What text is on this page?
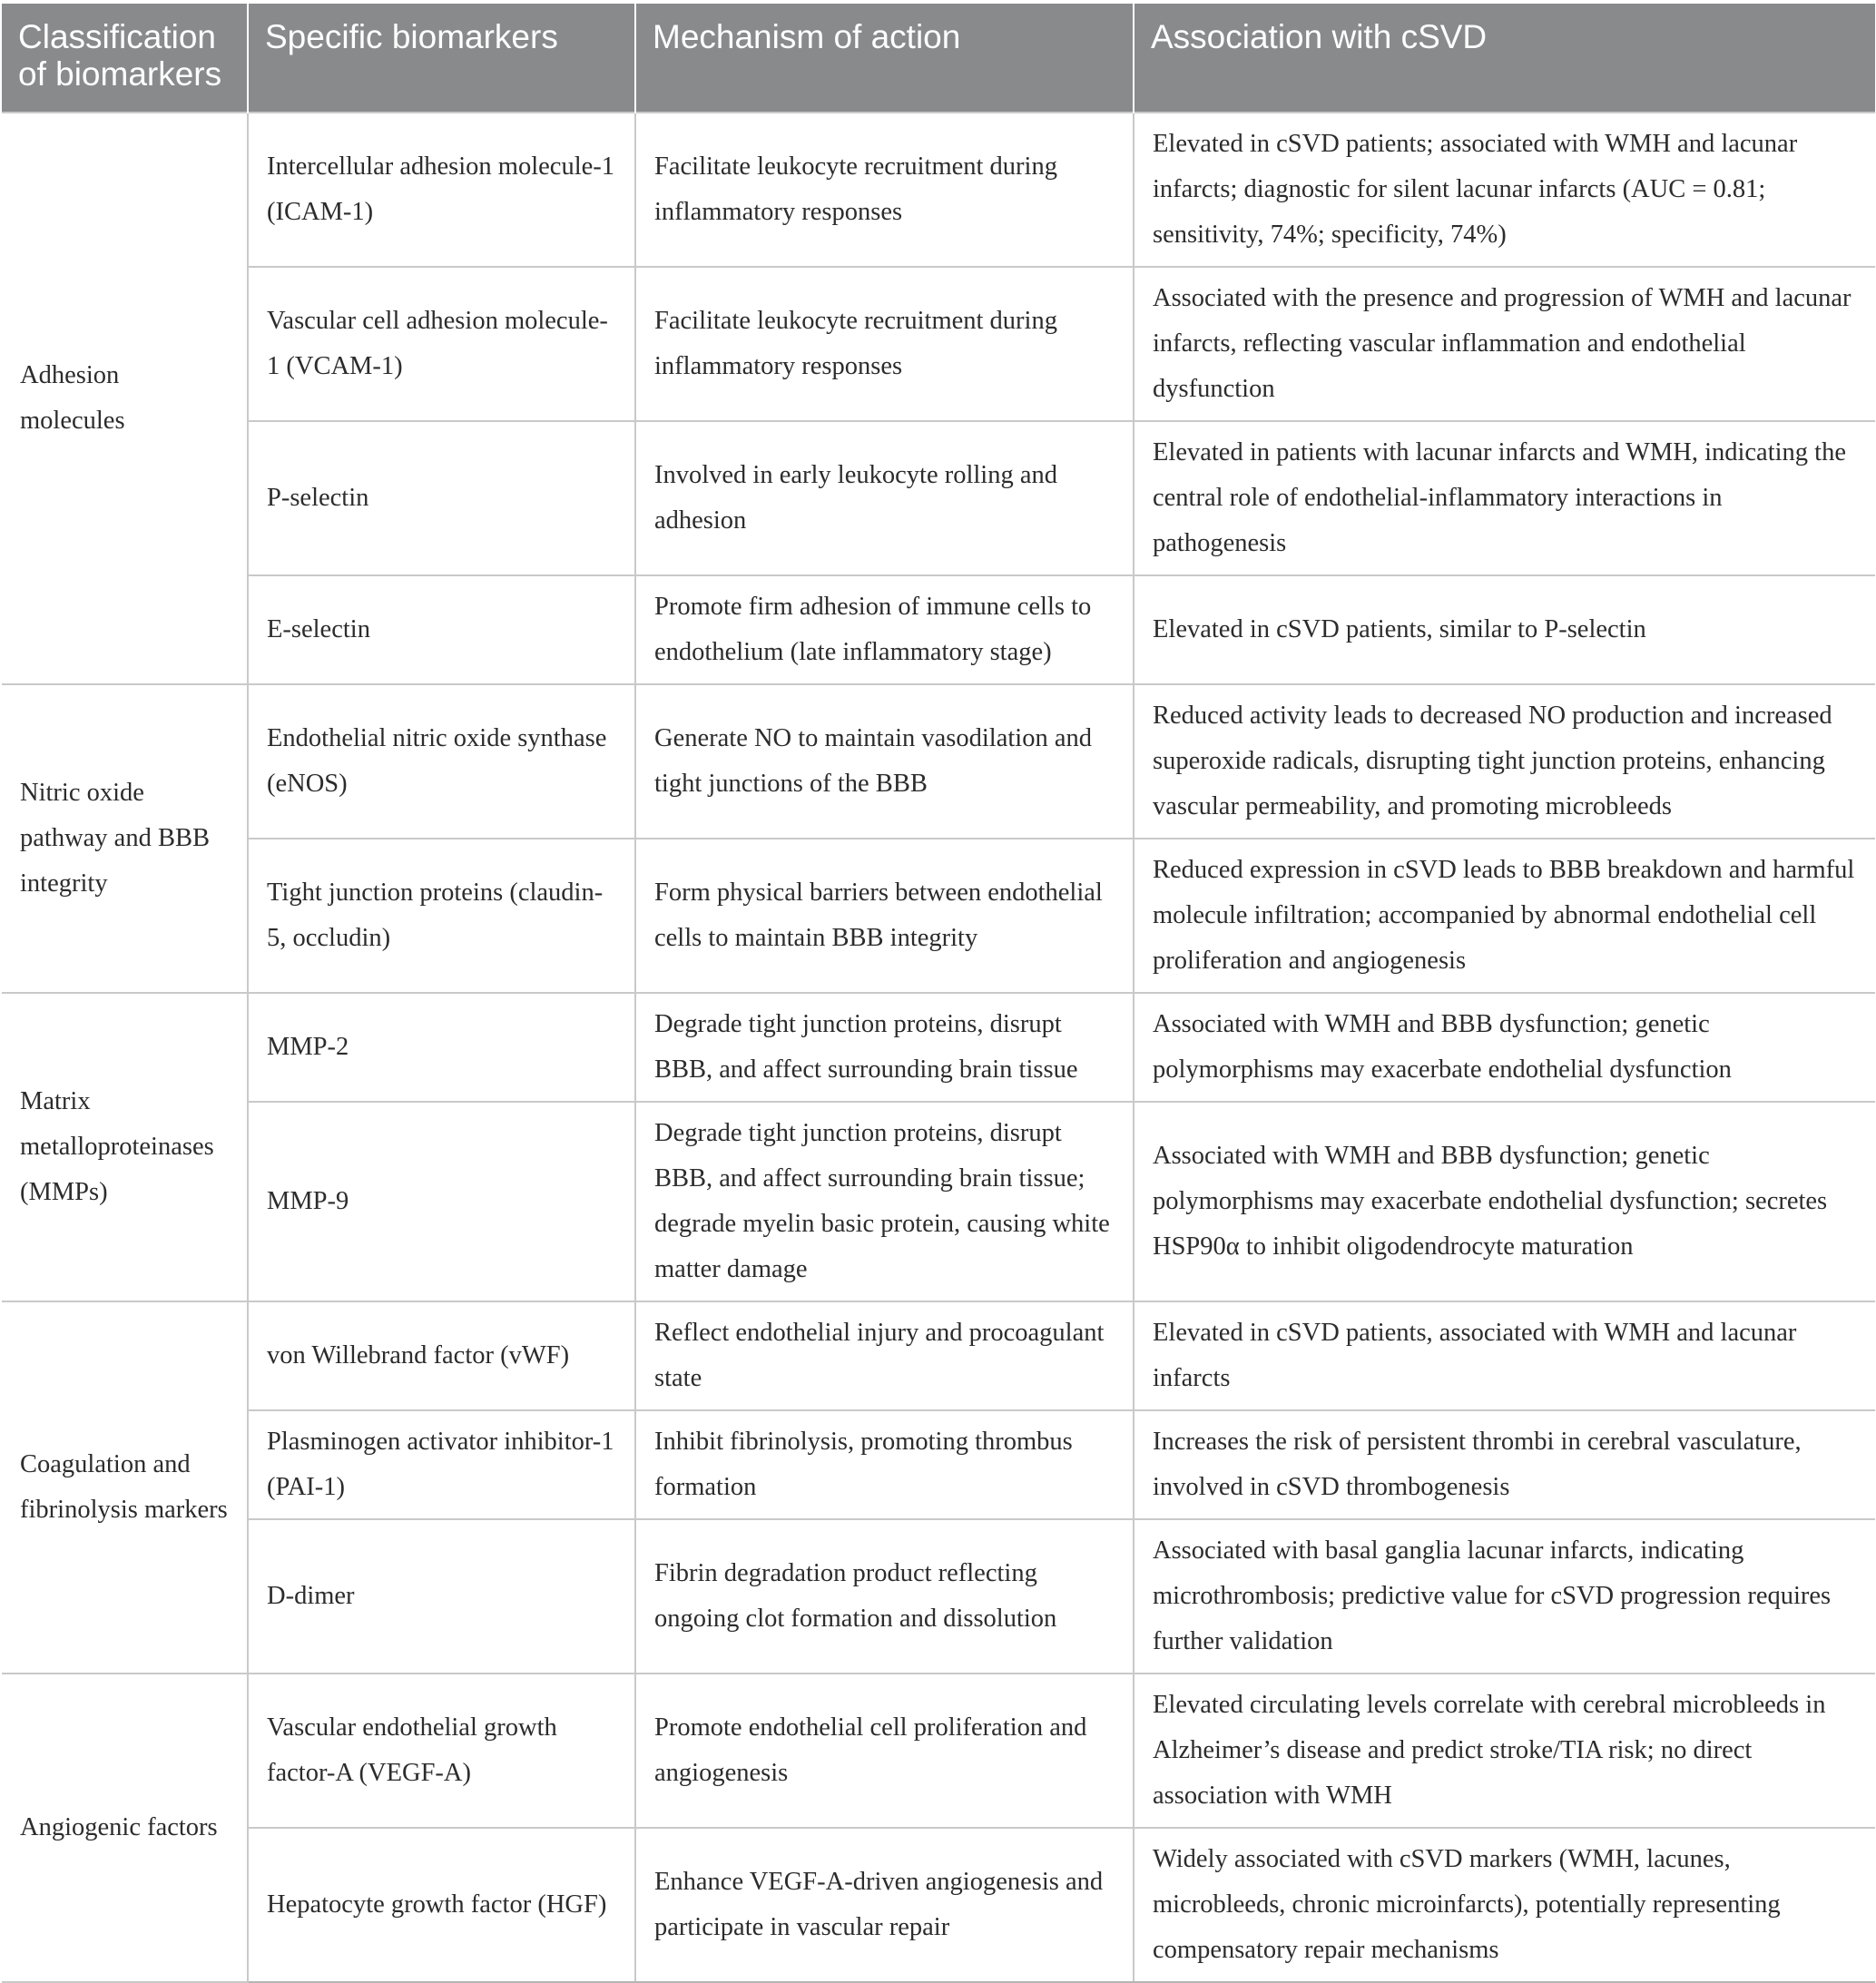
Classification of biomarkers	Specific biomarkers	Mechanism of action	Association with cSVD
Adhesion molecules	Intercellular adhesion molecule-1 (ICAM-1)	Facilitate leukocyte recruitment during inflammatory responses	Elevated in cSVD patients; associated with WMH and lacunar infarcts; diagnostic for silent lacunar infarcts (AUC = 0.81; sensitivity, 74%; specificity, 74%)
	Vascular cell adhesion molecule-1 (VCAM-1)	Facilitate leukocyte recruitment during inflammatory responses	Associated with the presence and progression of WMH and lacunar infarcts, reflecting vascular inflammation and endothelial dysfunction
	P-selectin	Involved in early leukocyte rolling and adhesion	Elevated in patients with lacunar infarcts and WMH, indicating the central role of endothelial-inflammatory interactions in pathogenesis
	E-selectin	Promote firm adhesion of immune cells to endothelium (late inflammatory stage)	Elevated in cSVD patients, similar to P-selectin
Nitric oxide pathway and BBB integrity	Endothelial nitric oxide synthase (eNOS)	Generate NO to maintain vasodilation and tight junctions of the BBB	Reduced activity leads to decreased NO production and increased superoxide radicals, disrupting tight junction proteins, enhancing vascular permeability, and promoting microbleeds
	Tight junction proteins (claudin-5, occludin)	Form physical barriers between endothelial cells to maintain BBB integrity	Reduced expression in cSVD leads to BBB breakdown and harmful molecule infiltration; accompanied by abnormal endothelial cell proliferation and angiogenesis
Matrix metalloproteinases (MMPs)	MMP-2	Degrade tight junction proteins, disrupt BBB, and affect surrounding brain tissue	Associated with WMH and BBB dysfunction; genetic polymorphisms may exacerbate endothelial dysfunction
	MMP-9	Degrade tight junction proteins, disrupt BBB, and affect surrounding brain tissue; degrade myelin basic protein, causing white matter damage	Associated with WMH and BBB dysfunction; genetic polymorphisms may exacerbate endothelial dysfunction; secretes HSP90α to inhibit oligodendrocyte maturation
Coagulation and fibrinolysis markers	von Willebrand factor (vWF)	Reflect endothelial injury and procoagulant state	Elevated in cSVD patients, associated with WMH and lacunar infarcts
	Plasminogen activator inhibitor-1 (PAI-1)	Inhibit fibrinolysis, promoting thrombus formation	Increases the risk of persistent thrombi in cerebral vasculature, involved in cSVD thrombogenesis
	D-dimer	Fibrin degradation product reflecting ongoing clot formation and dissolution	Associated with basal ganglia lacunar infarcts, indicating microthrombosis; predictive value for cSVD progression requires further validation
Angiogenic factors	Vascular endothelial growth factor-A (VEGF-A)	Promote endothelial cell proliferation and angiogenesis	Elevated circulating levels correlate with cerebral microbleeds in Alzheimer’s disease and predict stroke/TIA risk; no direct association with WMH
	Hepatocyte growth factor (HGF)	Enhance VEGF-A-driven angiogenesis and participate in vascular repair	Widely associated with cSVD markers (WMH, lacunes, microbleeds, chronic microinfarcts), potentially representing compensatory repair mechanisms
